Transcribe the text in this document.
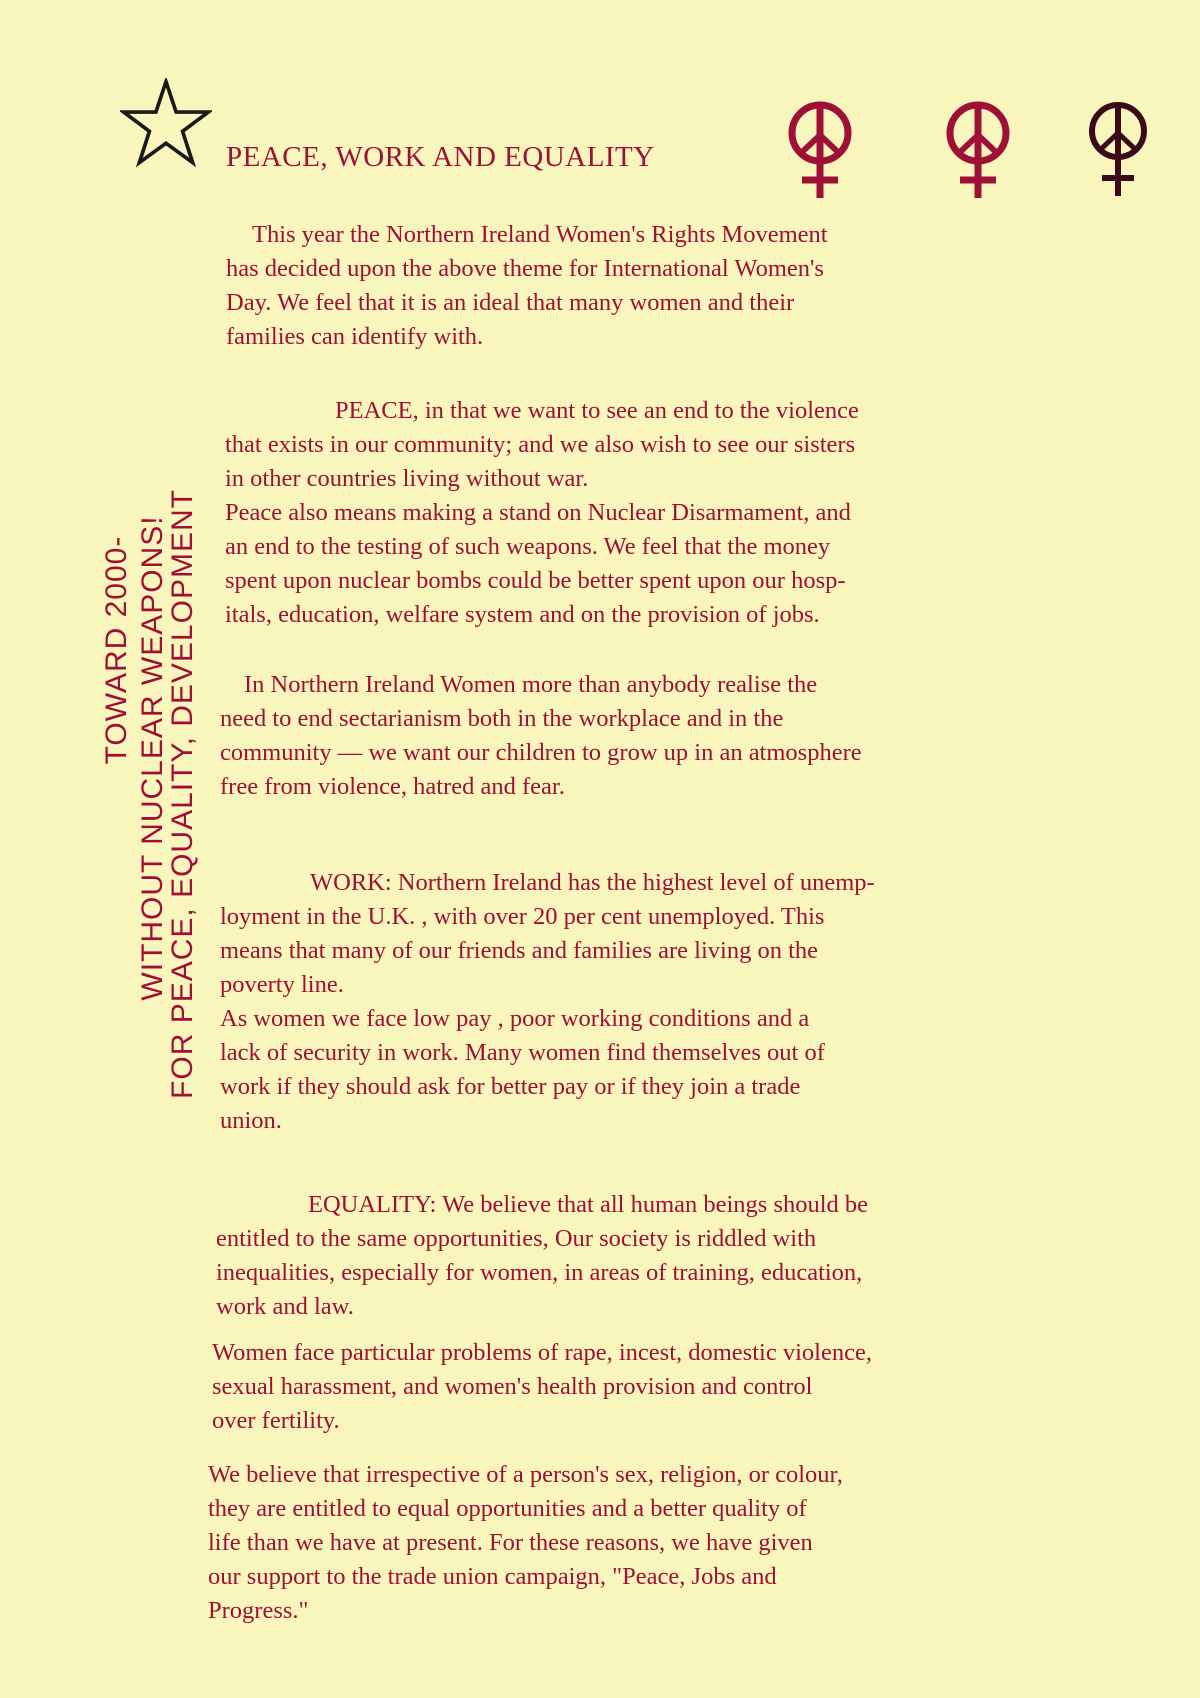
PEACE, WORK AND EQUALITY
TOWARD 2000- WITHOUT NUCLEAR WEAPONS!
FOR PEACE, EQUALITY, DEVELOPMENT
This year the Northern Ireland Women's Rights Movement
has decided upon the above theme for International Women's
Day. We feel that it is an ideal that many women and their
families can identify with.
PEACE, in that we want to see an end to the violence
that exists in our community; and we also wish to see our sisters
in other countries living without war.
Peace also means making a stand on Nuclear Disarmament, and
an end to the testing of such weapons. We feel that the money
spent upon nuclear bombs could be better spent upon our hosp-
itals, education, welfare system and on the provision of jobs.
In Northern Ireland Women more than anybody realise the
need to end sectarianism both in the workplace and in the
community — we want our children to grow up in an atmosphere
free from violence, hatred and fear.
WORK: Northern Ireland has the highest level of unemp-
loyment in the U.K. , with over 20 per cent unemployed. This
means that many of our friends and families are living on the
poverty line.
As women we face low pay , poor working conditions and a
lack of security in work. Many women find themselves out of
work if they should ask for better pay or if they join a trade
union.
EQUALITY: We believe that all human beings should be
entitled to the same opportunities, Our society is riddled with
inequalities, especially for women, in areas of training, education,
work and law.
Women face particular problems of rape, incest, domestic violence,
sexual harassment, and women's health provision and control
over fertility.
We believe that irrespective of a person's sex, religion, or colour,
they are entitled to equal opportunities and a better quality of
life than we have at present. For these reasons, we have given
our support to the trade union campaign, "Peace, Jobs and
Progress."
